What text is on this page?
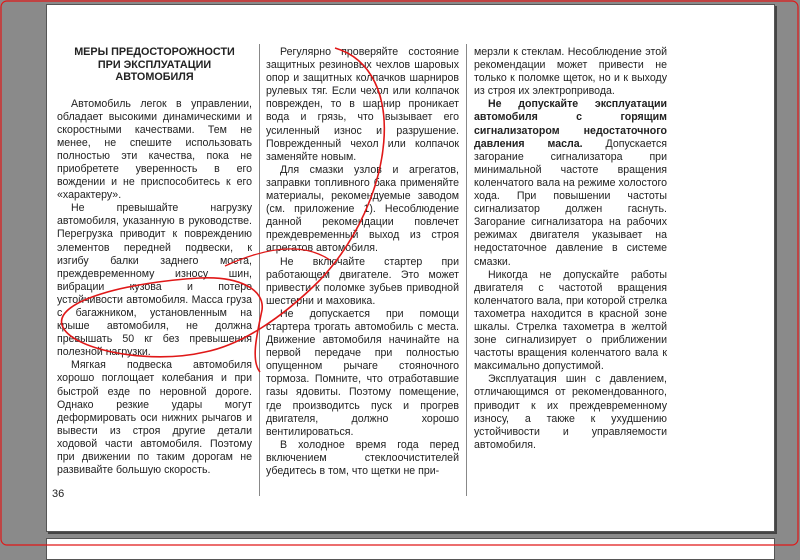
МЕРЫ ПРЕДОСТОРОЖНОСТИ
ПРИ ЭКСПЛУАТАЦИИ
АВТОМОБИЛЯ

Автомобиль легок в управлении, обладает высокими динамическими и скоростными качествами. Тем не менее, не спешите использовать полностью эти качества, пока не приобретете уверенность в его вождении и не приспособитесь к его «характеру».

Не превышайте нагрузку автомобиля, указанную в руководстве. Перегрузка приводит к повреждению элементов передней подвески, к изгибу балки заднего моста, преждевременному износу шин, вибрации кузова и потере устойчивости автомобиля. Масса груза с багажником, установленным на крыше автомобиля, не должна превышать 50 кг без превышения полезной нагрузки.

Мягкая подвеска автомобиля хорошо поглощает колебания и при быстрой езде по неровной дороге. Однако резкие удары могут деформировать оси нижних рычагов и вывести из строя другие детали ходовой части автомобиля. Поэтому при движении по таким дорогам не развивайте большую скорость.

Регулярно проверяйте состояние защитных резиновых чехлов шаровых опор и защитных колпачков шарниров рулевых тяг. Если чехол или колпачок поврежден, то в шарнир проникает вода и грязь, что вызывает его усиленный износ и разрушение. Поврежденный чехол или колпачок заменяйте новым.

Для смазки узлов и агрегатов, заправки топливного бака применяйте материалы, рекомендуемые заводом (см. приложение 1). Несоблюдение данной рекомендации повлечет преждевременный выход из строя агрегатов автомобиля.

Не включайте стартер при работающем двигателе. Это может привести к поломке зубьев приводной шестерни и маховика.

Не допускается при помощи стартера трогать автомобиль с места. Движение автомобиля начинайте на первой передаче при полностью опущенном рычаге стояночного тормоза. Помните, что отработавшие газы ядовиты. Поэтому помещение, где производитсь пуск и прогрев двигателя, должно хорошо вентилироваться.

В холодное время года перед включением стеклоочистителей убедитесь в том, что щетки не при-

мерзли к стеклам. Несоблюдение этой рекомендации может привести не только к поломке щеток, но и к выходу из строя их электропривода.

Не допускайте эксплуатации автомобиля с горящим сигнализатором недостаточного давления масла. Допускается загорание сигнализатора при минимальной частоте вращения коленчатого вала на режиме холостого хода. При повышении частоты сигнализатор должен гаснуть. Загорание сигнализатора на рабочих режимах двигателя указывает на недостаточное давление в системе смазки.

Никогда не допускайте работы двигателя с частотой вращения коленчатого вала, при которой стрелка тахометра находится в красной зоне шкалы. Стрелка тахометра в желтой зоне сигнализирует о приближении частоты вращения коленчатого вала к максимально допустимой.

Эксплуатация шин с давлением, отличающимся от рекомендованного, приводит к их преждевременному износу, а также к ухудшению устойчивости и управляемости автомобиля.

36
